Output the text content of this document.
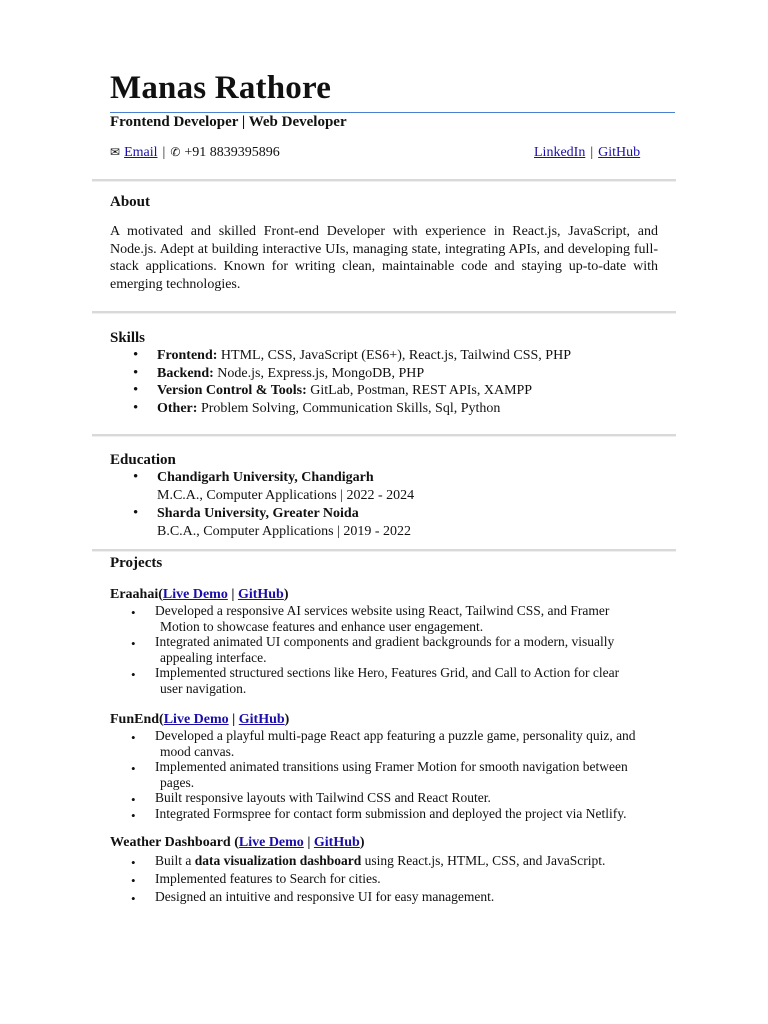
Manas Rathore
Frontend Developer | Web Developer
✉ Email | ✆ +91 8839395896	LinkedIn | GitHub
About
A motivated and skilled Front-end Developer with experience in React.js, JavaScript, and Node.js. Adept at building interactive UIs, managing state, integrating APIs, and developing full-stack applications. Known for writing clean, maintainable code and staying up-to-date with emerging technologies.
Skills
• Frontend: HTML, CSS, JavaScript (ES6+), React.js, Tailwind CSS, PHP
• Backend: Node.js, Express.js, MongoDB, PHP
• Version Control & Tools: GitLab, Postman, REST APIs, XAMPP
• Other: Problem Solving, Communication Skills, Sql, Python
Education
• Chandigarh University, Chandigarh
M.C.A., Computer Applications | 2022 - 2024
• Sharda University, Greater Noida
B.C.A., Computer Applications | 2019 - 2022
Projects
Eraahai(Live Demo | GitHub)
• Developed a responsive AI services website using React, Tailwind CSS, and Framer
Motion to showcase features and enhance user engagement.
• Integrated animated UI components and gradient backgrounds for a modern, visually
appealing interface.
• Implemented structured sections like Hero, Features Grid, and Call to Action for clear
user navigation.
FunEnd(Live Demo | GitHub)
• Developed a playful multi-page React app featuring a puzzle game, personality quiz, and
mood canvas.
• Implemented animated transitions using Framer Motion for smooth navigation between
pages.
• Built responsive layouts with Tailwind CSS and React Router.
• Integrated Formspree for contact form submission and deployed the project via Netlify.
Weather Dashboard (Live Demo | GitHub)
• Built a data visualization dashboard using React.js, HTML, CSS, and JavaScript.
• Implemented features to Search for cities.
• Designed an intuitive and responsive UI for easy management.
